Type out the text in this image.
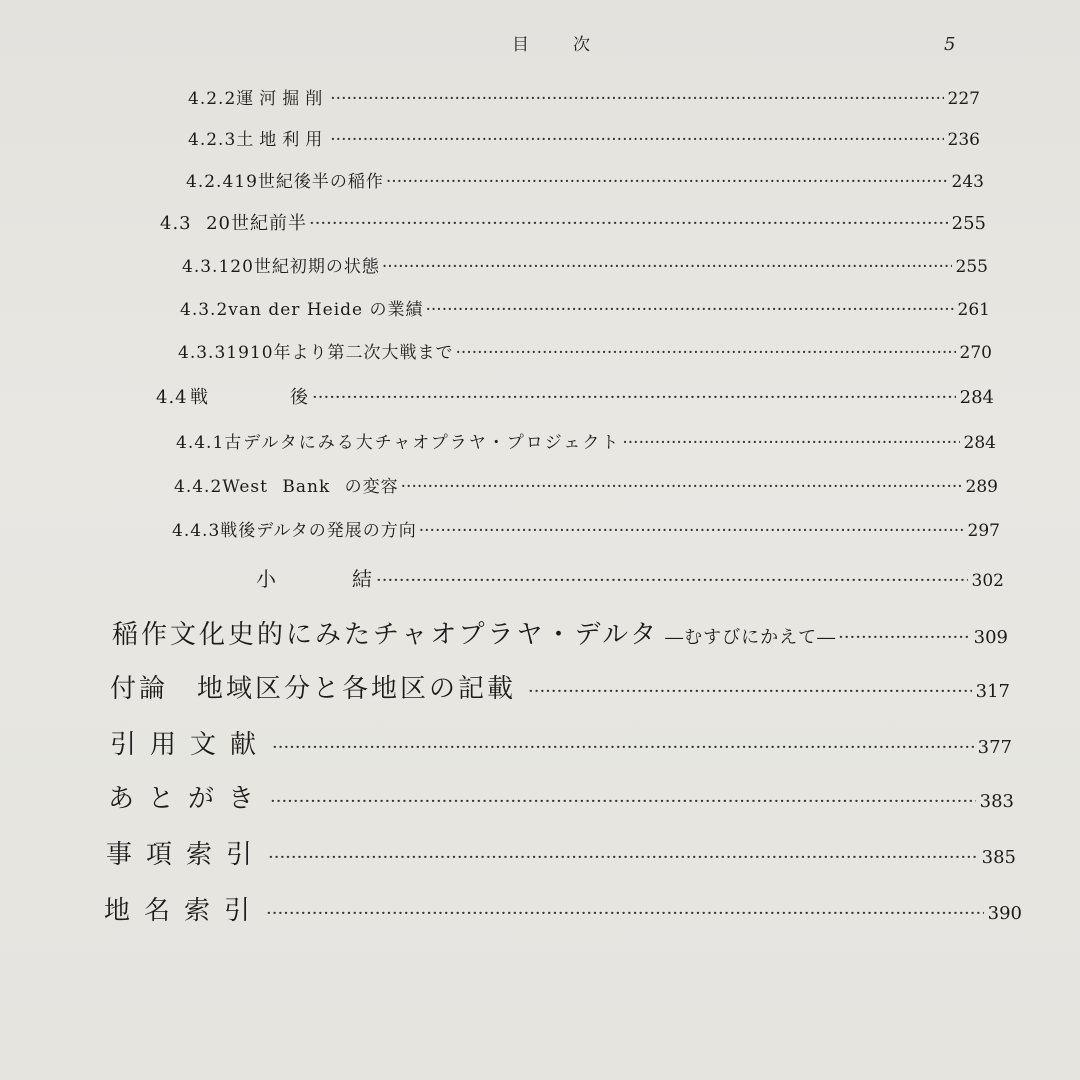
目次	5
4.2.2 運河掘削 ·····	227
4.2.3 土地利用 ·····	236
4.2.4 19世紀後半の稲作 ·····	243
4.3 20世紀前半 ·····	255
4.3.1 20世紀初期の状態 ·····	255
4.3.2 van der Heide の業績 ·····	261
4.3.3 1910年より第二次大戦まで ·····	270
4.4 戦後 ·····	284
4.4.1 古デルタにみる大チャオプラヤ・プロジェクト ·····	284
4.4.2 West Bank の変容 ·····	289
4.4.3 戦後デルタの発展の方向 ·····	297
小結 ·····	302
稲作文化史的にみたチャオプラヤ・デルタ ―むすびにかえて― ·····	309
付論　地域区分と各地区の記載 ·····	317
引用文献 ·····	377
あとがき ·····	383
事項索引 ·····	385
地名索引 ·····	390
